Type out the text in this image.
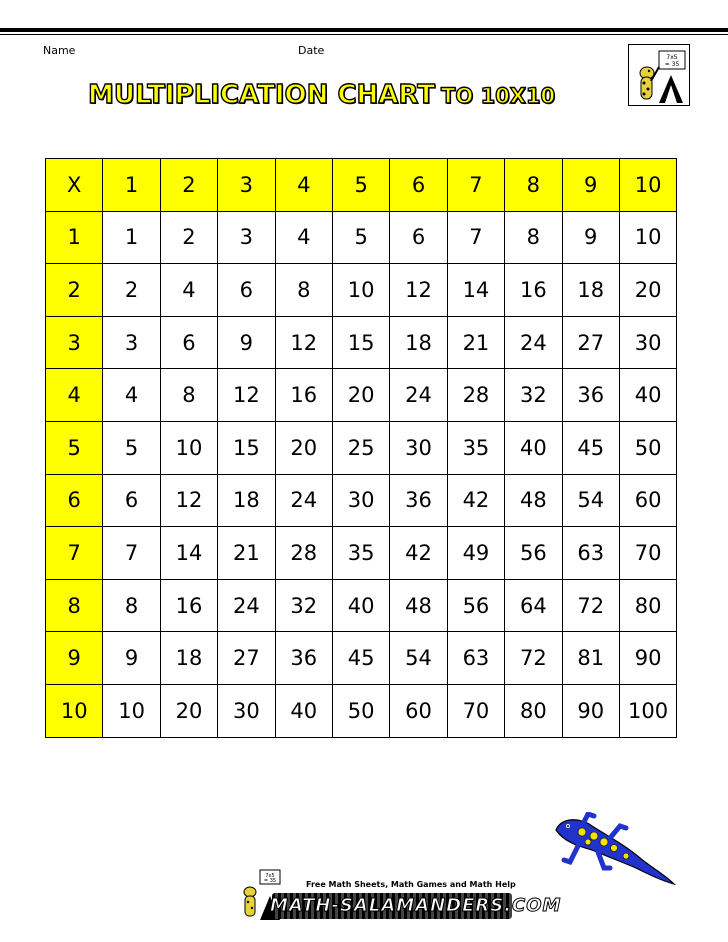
Name	Date
MULTIPLICATION CHART TO 10X10
7x5
= 35
X	1	2	3	4	5	6	7	8	9	10
1	1	2	3	4	5	6	7	8	9	10
2	2	4	6	8	10	12	14	16	18	20
3	3	6	9	12	15	18	21	24	27	30
4	4	8	12	16	20	24	28	32	36	40
5	5	10	15	20	25	30	35	40	45	50
6	6	12	18	24	30	36	42	48	54	60
7	7	14	21	28	35	42	49	56	63	70
8	8	16	24	32	40	48	56	64	72	80
9	9	18	27	36	45	54	63	72	81	90
10	10	20	30	40	50	60	70	80	90	100
7x5
= 35	Free Math Sheets, Math Games and Math Help
MATH-SALAMANDERS.COM
